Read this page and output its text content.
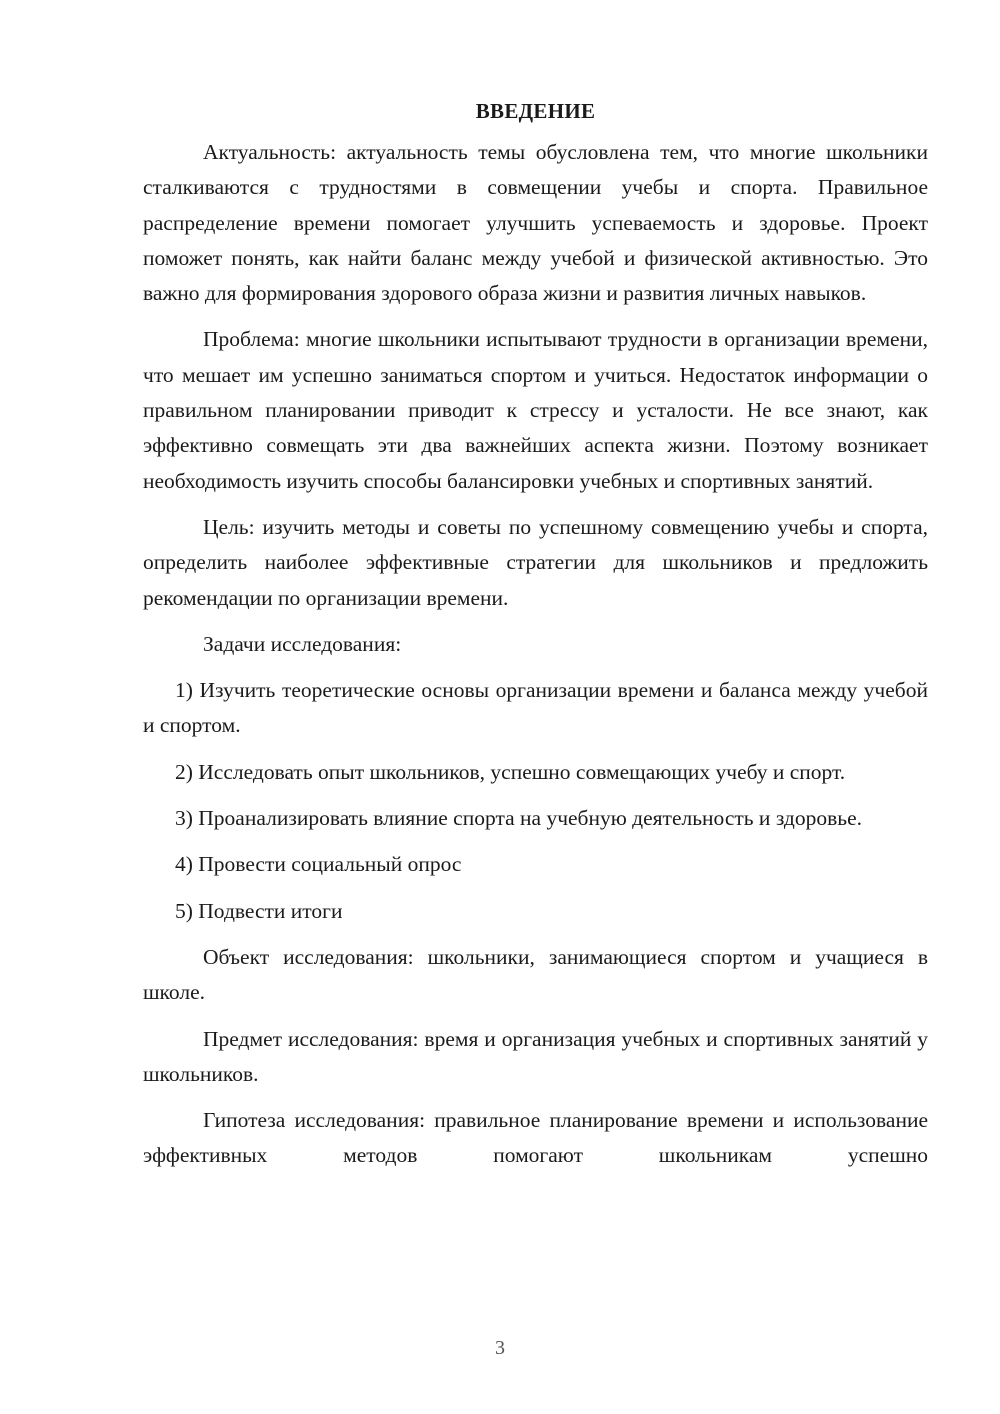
ВВЕДЕНИЕ

Актуальность: актуальность темы обусловлена тем, что многие школьники сталкиваются с трудностями в совмещении учебы и спорта. Правильное распределение времени помогает улучшить успеваемость и здоровье. Проект поможет понять, как найти баланс между учебой и физической активностью. Это важно для формирования здорового образа жизни и развития личных навыков.

Проблема: многие школьники испытывают трудности в организации времени, что мешает им успешно заниматься спортом и учиться. Недостаток информации о правильном планировании приводит к стрессу и усталости. Не все знают, как эффективно совмещать эти два важнейших аспекта жизни. Поэтому возникает необходимость изучить способы балансировки учебных и спортивных занятий.

Цель: изучить методы и советы по успешному совмещению учебы и спорта, определить наиболее эффективные стратегии для школьников и предложить рекомендации по организации времени.

Задачи исследования:

1) Изучить теоретические основы организации времени и баланса между учебой и спортом.

2) Исследовать опыт школьников, успешно совмещающих учебу и спорт.

3) Проанализировать влияние спорта на учебную деятельность и здоровье.

4) Провести социальный опрос

5) Подвести итоги

Объект исследования: школьники, занимающиеся спортом и учащиеся в школе.

Предмет исследования: время и организация учебных и спортивных занятий у школьников.

Гипотеза исследования: правильное планирование времени и использование эффективных методов помогают школьникам успешно

3
